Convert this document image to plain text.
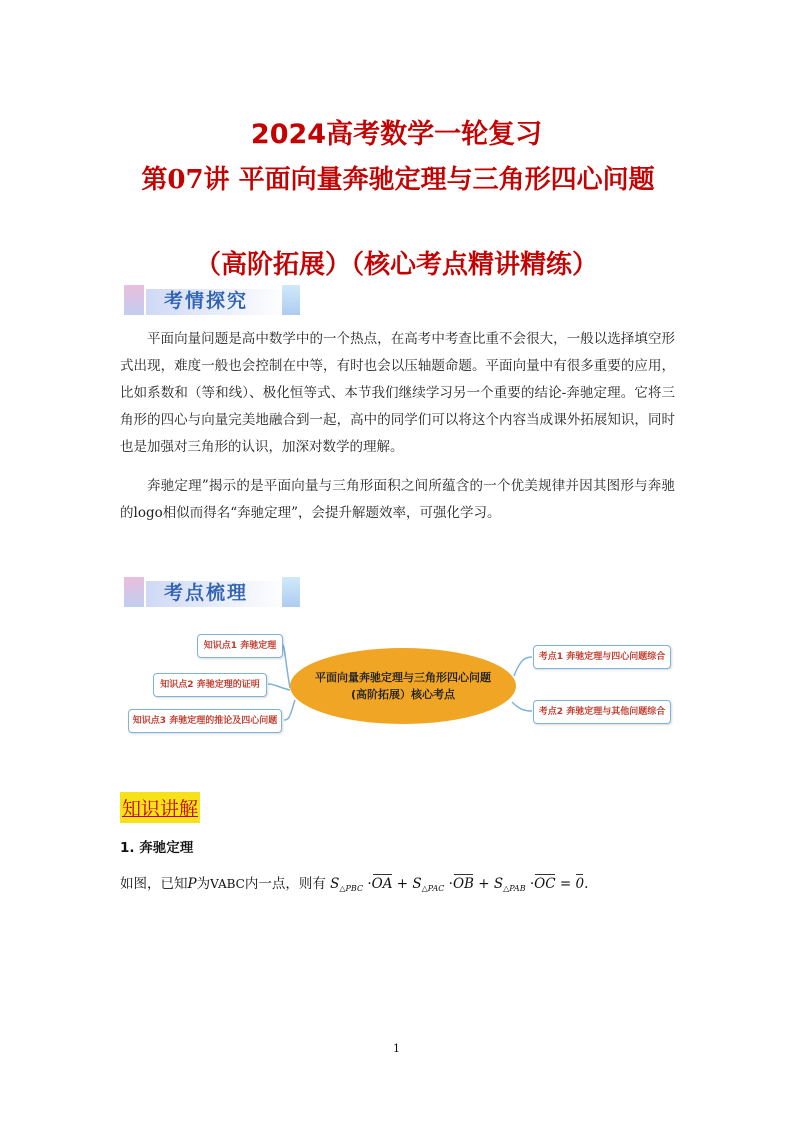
2024高考数学一轮复习
第07讲 平面向量奔驰定理与三角形四心问题
（高阶拓展）（核心考点精讲精练）
考情探究

平面向量问题是高中数学中的一个热点，在高考中考查比重不会很大，一般以选择填空形式出现，难度一般也会控制在中等，有时也会以压轴题命题。平面向量中有很多重要的应用，比如系数和（等和线）、极化恒等式、本节我们继续学习另一个重要的结论-奔驰定理。它将三角形的四心与向量完美地融合到一起，高中的同学们可以将这个内容当成课外拓展知识，同时也是加强对三角形的认识，加深对数学的理解。

奔驰定理”揭示的是平面向量与三角形面积之间所蕴含的一个优美规律并因其图形与奔驰的logo相似而得名“奔驰定理”，会提升解题效率，可强化学习。

考点梳理
知识点1 奔驰定理
知识点2 奔驰定理的证明
知识点3 奔驰定理的推论及四心问题
平面向量奔驰定理与三角形四心问题
(高阶拓展）核心考点
考点1 奔驰定理与四心问题综合
考点2 奔驰定理与其他问题综合
知识讲解
1. 奔驰定理
如图，已知P为VABC内一点，则有 $S_{\triangle PBC} \cdot OA + S_{\triangle PAC} \cdot OB + S_{\triangle PAB} \cdot OC = 0$.
1
